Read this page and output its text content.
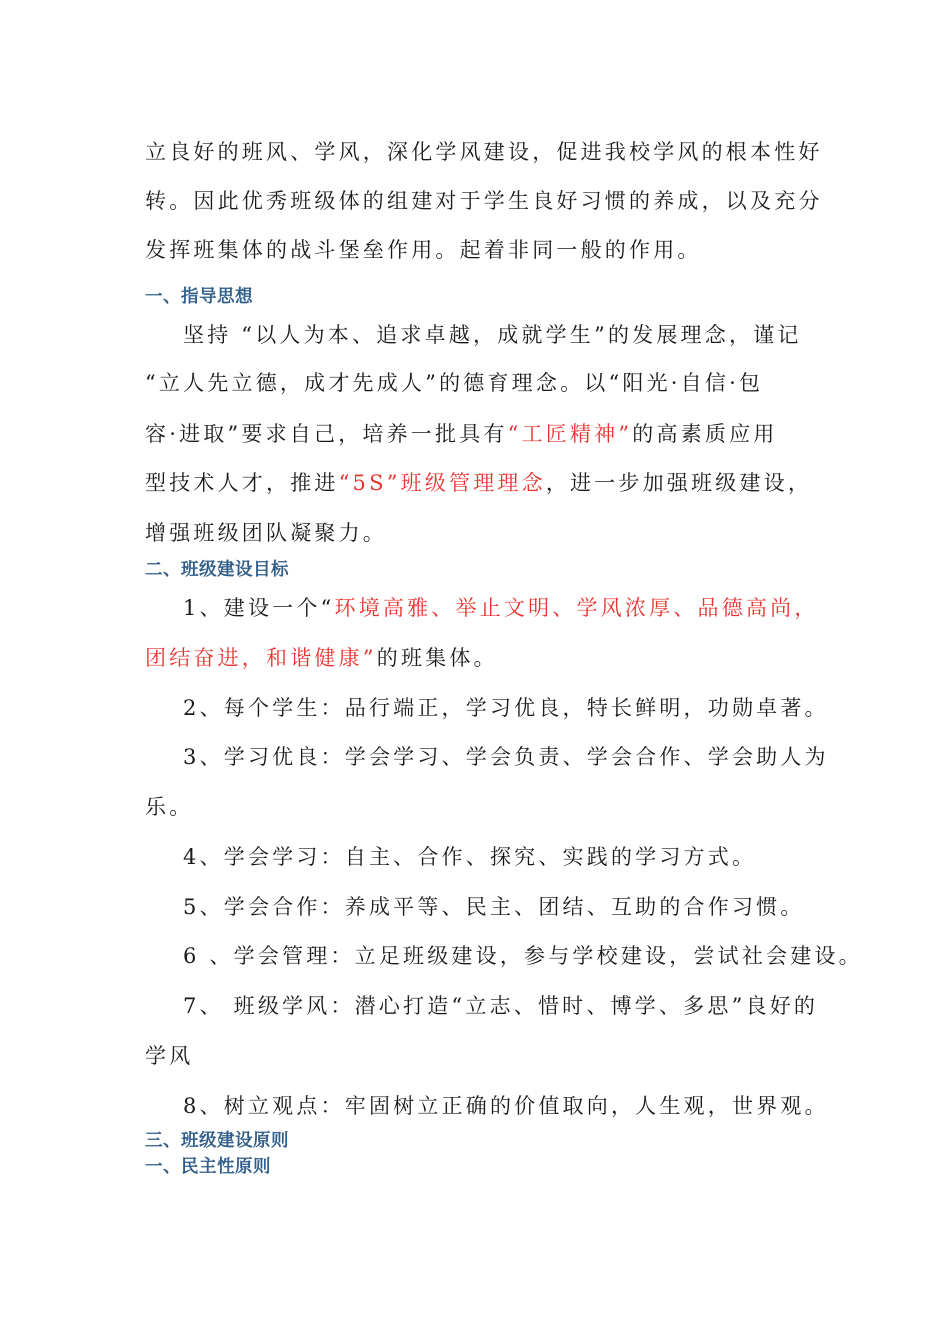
立良好的班风、学风，深化学风建设，促进我校学风的根本性好
转。因此优秀班级体的组建对于学生良好习惯的养成，以及充分
发挥班集体的战斗堡垒作用。起着非同一般的作用。
一、指导思想
坚持 “以人为本、追求卓越，成就学生”的发展理念，谨记
“立人先立德，成才先成人”的德育理念。以“阳光·自信·包
容·进取”要求自己，培养一批具有“工匠精神”的高素质应用
型技术人才，推进“5S”班级管理理念，进一步加强班级建设，
增强班级团队凝聚力。
二、班级建设目标
1、建设一个“环境高雅、举止文明、学风浓厚、品德高尚，
团结奋进，和谐健康”的班集体。
2、每个学生：品行端正，学习优良，特长鲜明，功勋卓著。
3、学习优良：学会学习、学会负责、学会合作、学会助人为
乐。
4、学会学习：自主、合作、探究、实践的学习方式。
5、学会合作：养成平等、民主、团结、互助的合作习惯。
6 、学会管理：立足班级建设，参与学校建设，尝试社会建设。
7、 班级学风：潜心打造“立志、惜时、博学、多思”良好的
学风
8、树立观点：牢固树立正确的价值取向，人生观，世界观。
三、班级建设原则
一、民主性原则
